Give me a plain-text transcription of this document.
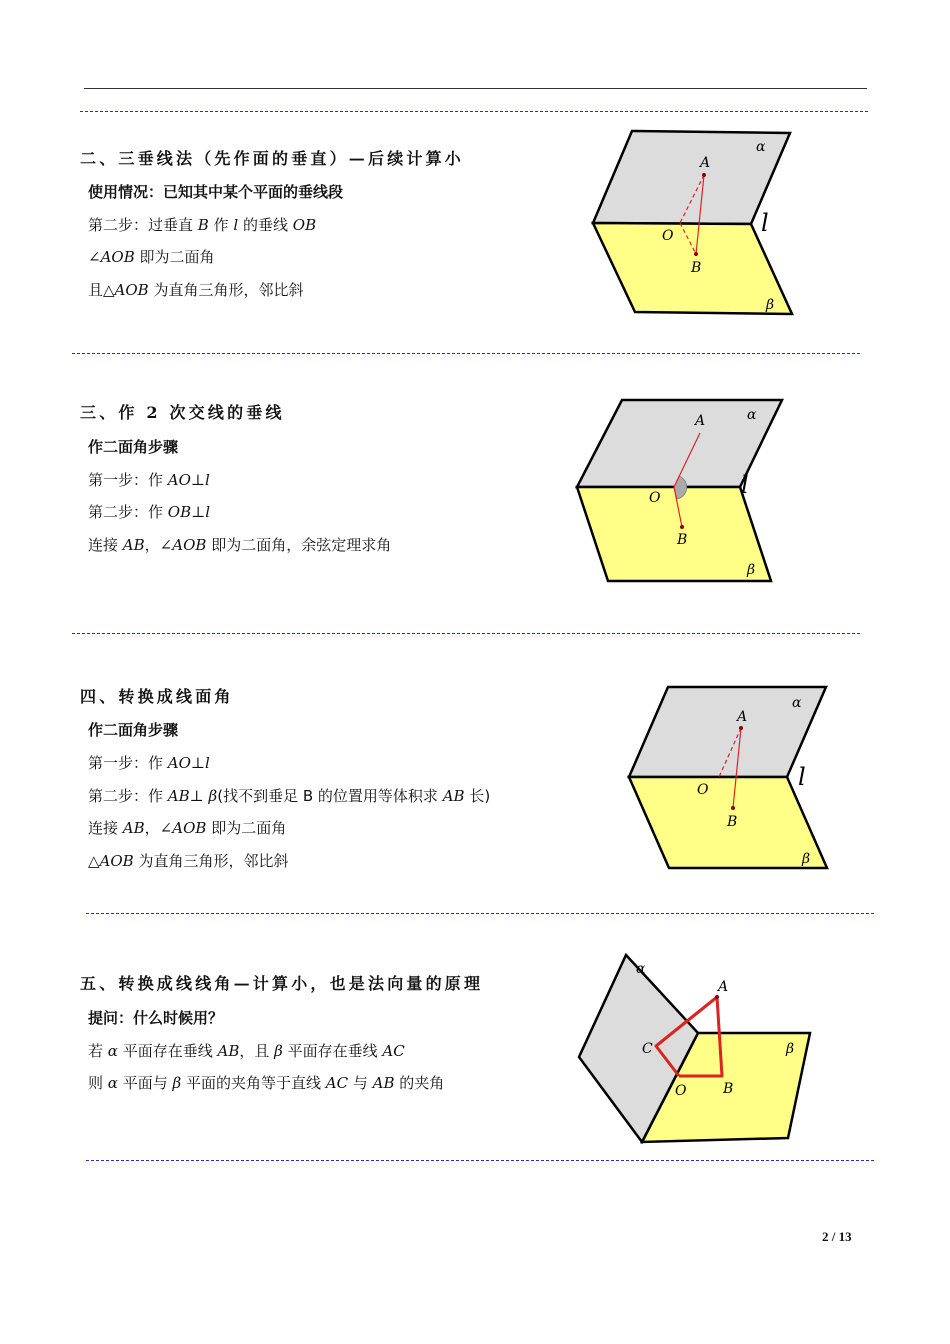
二、三垂线法（先作面的垂直）—后续计算小
使用情况：已知其中某个平面的垂线段
第二步：过垂直 B 作 l 的垂线 OB
∠AOB 即为二面角
且△AOB 为直角三角形，邻比斜
A
O
B
α
β
l
三、作 2 次交线的垂线
作二面角步骤
第一步：作 AO⊥l
第二步：作 OB⊥l
连接 AB，∠AOB 即为二面角，余弦定理求角
A
O
B
α
β
l
四、转换成线面角
作二面角步骤
第一步：作 AO⊥l
第二步：作 AB⊥ β(找不到垂足 B 的位置用等体积求 AB 长)
连接 AB，∠AOB 即为二面角
△AOB 为直角三角形，邻比斜
A
O
B
α
β
l
五、转换成线线角—计算小，也是法向量的原理
提问：什么时候用？
若 α 平面存在垂线 AB，且 β 平面存在垂线 AC
则 α 平面与 β 平面的夹角等于直线 AC 与 AB 的夹角
A
B
C
O
α
β
2 / 13
